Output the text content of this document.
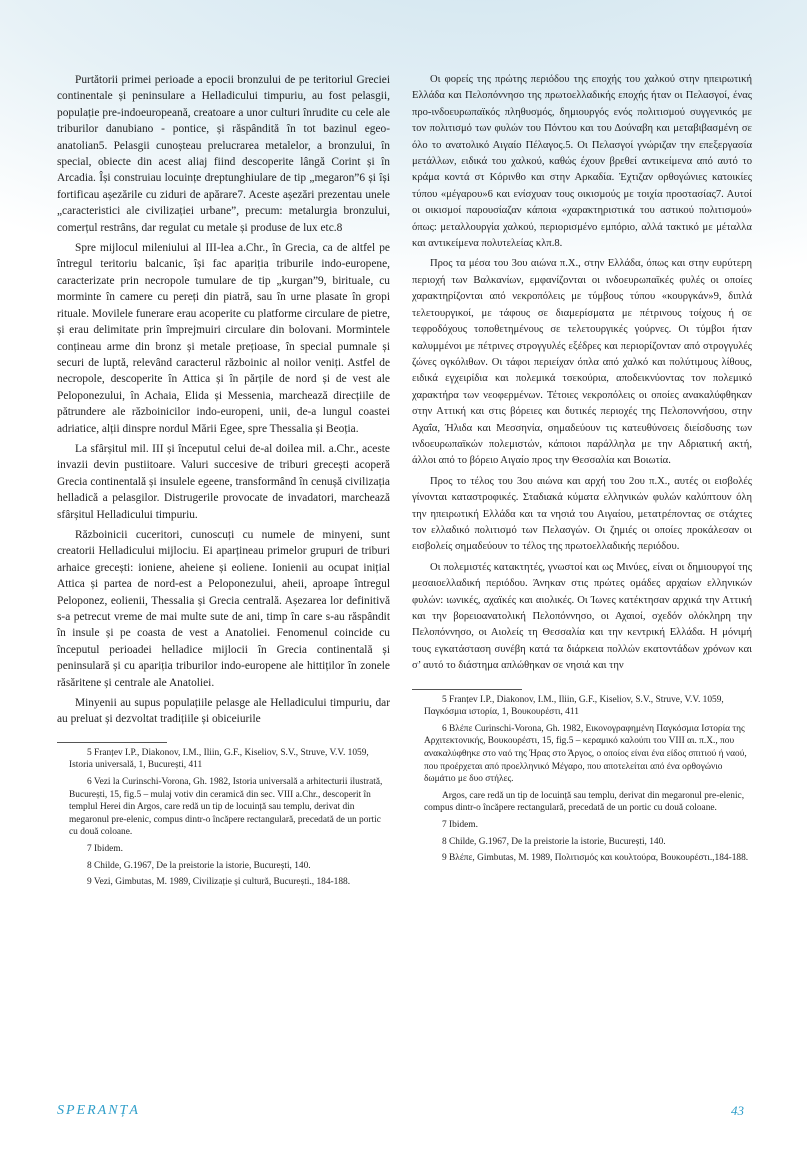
Purtătorii primei perioade a epocii bronzului de pe teritoriul Greciei continentale și peninsulare a Helladicului timpuriu, au fost pelasgii, populație pre-indoeuropeană, creatoare a unor culturi înrudite cu cele ale triburilor danubiano - pontice, și răspândită în tot bazinul egeo-anatolian5. Pelasgii cunoșteau prelucrarea metalelor, a bronzului, în special, obiecte din acest aliaj fiind descoperite lângă Corint și în Arcadia. Își construiau locuințe dreptunghiulare de tip „megaron”6 și își fortificau așezările cu ziduri de apărare7. Aceste așezări prezentau unele „caracteristici ale civilizației urbane”, precum: metalurgia bronzului, comerțul restrâns, dar regulat cu metale și produse de lux etc.8

Spre mijlocul mileniului al III-lea a.Chr., în Grecia, ca de altfel pe întregul teritoriu balcanic, își fac apariția triburile indo-europene, caracterizate prin necropole tumulare de tip „kurgan”9, birituale, cu morminte în camere cu pereți din piatră, sau în urne plasate în gropi rituale. Movilele funerare erau acoperite cu platforme circulare de pietre, și erau delimitate prin împrejmuiri circulare din bolovani. Mormintele conțineau arme din bronz și metale prețioase, în special pumnale și securi de luptă, relevând caracterul războinic al noilor veniți. Astfel de necropole, descoperite în Attica și în părțile de nord și de vest ale Peloponezului, în Achaia, Elida și Messenia, marchează direcțiile de pătrundere ale războinicilor indo-europeni, unii, de-a lungul coastei adriatice, alții dinspre nordul Mării Egee, spre Thessalia și Beoția.

La sfârșitul mil. III și începutul celui de-al doilea mil. a.Chr., aceste invazii devin pustiitoare. Valuri succesive de triburi grecești acoperă Grecia continentală și insulele egeene, transformând în cenușă civilizația helladică a pelasgilor. Distrugerile provocate de invadatori, marchează sfârșitul Helladicului timpuriu.

Războinicii cuceritori, cunoscuți cu numele de minyeni, sunt creatorii Helladicului mijlociu. Ei aparțineau primelor grupuri de triburi arhaice grecești: ioniene, aheiene și eoliene. Ionienii au ocupat inițial Attica și partea de nord-est a Peloponezului, aheii, aproape întregul Peloponez, eolienii, Thessalia și Grecia centrală. Așezarea lor definitivă s-a petrecut vreme de mai multe sute de ani, timp în care s-au răspândit în insule și pe coasta de vest a Anatoliei. Fenomenul coincide cu începutul perioadei helladice mijlocii în Grecia continentală și peninsulară și cu apariția triburilor indo-europene ale hittiților în zonele răsăritene și centrale ale Anatoliei.

Minyenii au supus populațiile pelasge ale Helladicului timpuriu, dar au preluat și dezvoltat tradițiile și obiceiurile

5 Franțev I.P., Diakonov, I.M., Iliin, G.F., Kiselіov, S.V., Struve, V.V. 1059, Istoria universală, 1, București, 411

6 Vezi la Curinschi-Vorona, Gh. 1982, Istoria universală a arhitecturii ilustrată, București, 15, fig.5 – mulaj votiv din ceramică din sec. VIII a.Chr., descoperit în templul Herei din Argos, care redă un tip de locuință sau templu, derivat din megaronul pre-elenic, compus dintr-o încăpere rectangulară, precedată de un portic cu două coloane.

7 Ibidem.

8 Childe, G.1967, De la preistorie la istorie, București, 140.

9 Vezi, Gimbutas, M. 1989, Civilizație și cultură, București., 184-188.

Οι φορείς της πρώτης περιόδου της εποχής του χαλκού στην ηπειρωτική Ελλάδα και Πελοπόννησο της πρωτοελλαδικής εποχής ήταν οι Πελασγοί, ένας προ-ινδοευρωπαϊκός πληθυσμός, δημιουργός ενός πολιτισμού συγγενικός με τον πολιτισμό των φυλών του Πόντου και του Δούναβη και μεταβιβασμένη σε όλο το ανατολικό Αιγαίο Πέλαγος.5. Οι Πελασγοί γνώριζαν την επεξεργασία μετάλλων, ειδικά του χαλκού, καθώς έχουν βρεθεί αντικείμενα από αυτό το κράμα κοντά στ Κόρινθο και στην Αρκαδία. Έχτιζαν ορθογώνιες κατοικίες τύπου «μέγαρου»6 και ενίσχυαν τους οικισμούς με τοιχία προστασίας7. Αυτοί οι οικισμοί παρουσίαζαν κάποια «χαρακτηριστικά του αστικού πολιτισμού» όπως: μεταλλουργία χαλκού, περιορισμένο εμπόριο, αλλά τακτικό με μέταλλα και αντικείμενα πολυτελείας κλπ.8.

Προς τα μέσα του 3ου αιώνα π.Χ., στην Ελλάδα, όπως και στην ευρύτερη περιοχή των Βαλκανίων, εμφανίζονται οι ινδοευρωπαϊκές φυλές οι οποίες χαρακτηρίζονται από νεκροπόλεις με τύμβους τύπου «κουργκάν»9, διπλά τελετουργικοί, με τάφους σε διαμερίσματα με πέτρινους τοίχους ή σε τεφροδόχους τοποθετημένους σε τελετουργικές γούρνες. Οι τύμβοι ήταν καλυμμένοι με πέτρινες στρογγυλές εξέδρες και περιορίζονταν από στρογγυλές ζώνες ογκόλιθων. Οι τάφοι περιείχαν όπλα από χαλκό και πολύτιμους λίθους, ειδικά εγχειρίδια και πολεμικά τσεκούρια, αποδεικνύοντας τον πολεμικό χαρακτήρα των νεοφερμένων. Τέτοιες νεκροπόλεις οι οποίες ανακαλύφθηκαν στην Αττική και στις βόρειες και δυτικές περιοχές της Πελοποννήσου, στην Αχαΐα, Ήλιδα και Μεσσηνία, σημαδεύουν τις κατευθύνσεις διείσδυσης των ινδοευρωπαϊκών πολεμιστών, κάποιοι παράλληλα με την Αδριατική ακτή, άλλοι από το βόρειο Αιγαίο προς την Θεσσαλία και Βοιωτία.

Προς το τέλος του 3ου αιώνα και αρχή του 2ου π.Χ., αυτές οι εισβολές γίνονται καταστροφικές. Σταδιακά κύματα ελληνικών φυλών καλύπτουν όλη την ηπειρωτική Ελλάδα και τα νησιά του Αιγαίου, μετατρέποντας σε στάχτες τον ελλαδικό πολιτισμό των Πελασγών. Οι ζημιές οι οποίες προκάλεσαν οι εισβολείς σημαδεύουν το τέλος της πρωτοελλαδικής περιόδου.

Οι πολεμιστές κατακτητές, γνωστοί και ως Μινύες, είναι οι δημιουργοί της μεσαιοελλαδική περιόδου. Άνηκαν στις πρώτες ομάδες αρχαίων ελληνικών φυλών: ιωνικές, αχαϊκές και αιολικές. Οι Ίωνες κατέκτησαν αρχικά την Αττική και την βορειοανατολική Πελοπόννησο, οι Αχαιοί, σχεδόν ολόκληρη την Πελοπόννησο, οι Αιολείς τη Θεσσαλία και την κεντρική Ελλάδα. Η μόνιμή τους εγκατάσταση συνέβη κατά τα διάρκεια πολλών εκατοντάδων χρόνων και σ’ αυτό το διάστημα απλώθηκαν σε νησιά και την

5 Franțev I.P., Diakonov, I.M., Iliin, G.F., Kiselіov, S.V., Struve, V.V. 1059, Παγκόσμια ιστορία, 1, Βουκουρέστι, 411

6 Βλέπε Curinschi-Vorona, Gh. 1982, Εικονογραφημένη Παγκόσμια Ιστορία της Αρχιτεκτονικής, Βουκουρέστι, 15, fig.5 – κεραμικό καλούπι του VIII αι. π.Χ., που ανακαλύφθηκε στο ναό της Ήρας στο Άργος, ο οποίος είναι ένα είδος σπιτιού ή ναού, που προέρχεται από προελληνικό Μέγαρο, που αποτελείται από ένα ορθογώνιο δωμάτιο με δυο στήλες.

Argos, care redă un tip de locuință sau templu, derivat din megaronul pre-elenic, compus dintr-o încăpere rectangulară, precedată de un portic cu două coloane.

7 Ibidem.

8 Childe, G.1967, De la preistorie la istorie, București, 140.

9 Βλέπε, Gimbutas, M. 1989, Πολιτισμός και κουλτούρα, Βουκουρέστι.,184-188.

SPERANȚA	43
